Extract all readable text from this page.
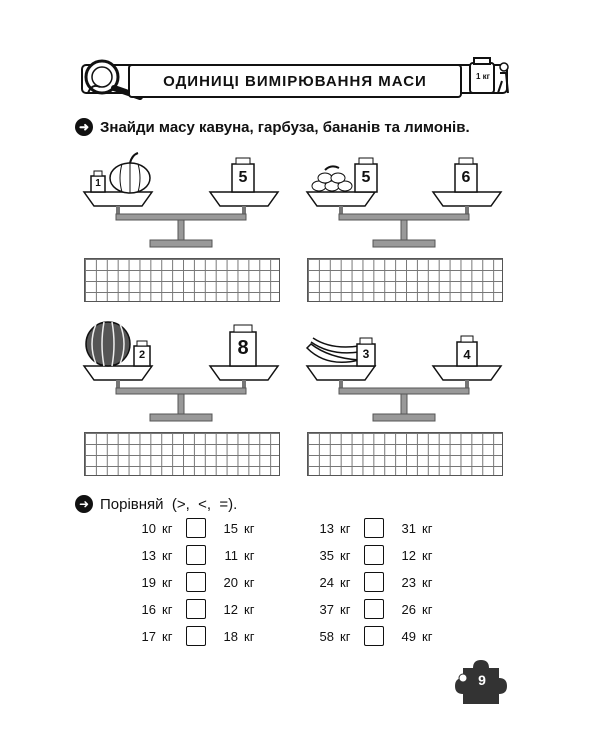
ОДИНИЦІ ВИМІРЮВАННЯ МАСИ	1 кг
➜ Знайди масу кавуна, гарбуза, бананів та лимонів.
1	5	5	6
2	8	3	4
➜ Порівняй  (>,  <,  =).
10 кг	15 кг
13 кг	11 кг
19 кг	20 кг
16 кг	12 кг
17 кг	18 кг
13 кг	31 кг
35 кг	12 кг
24 кг	23 кг
37 кг	26 кг
58 кг	49 кг
9
